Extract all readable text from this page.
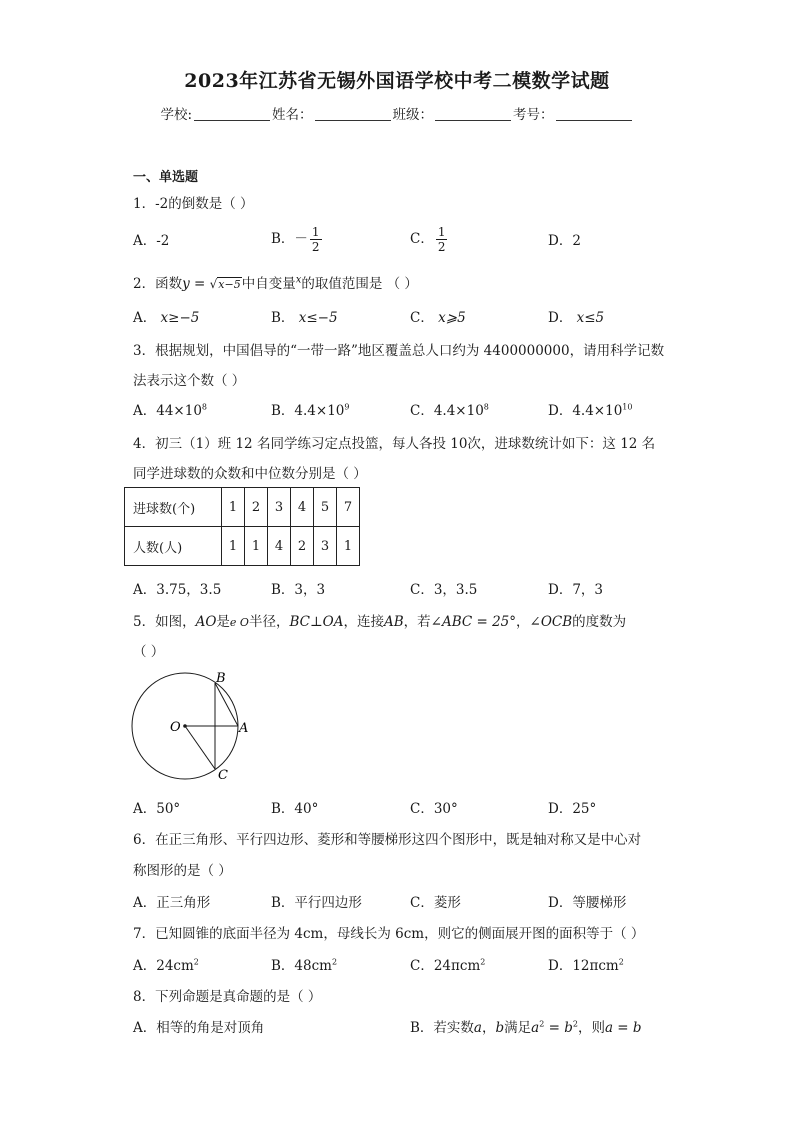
2023年江苏省无锡外国语学校中考二模数学试题
学校:	姓名：	班级：	考号：
一、单选题
1．-2的倒数是（ ）
A．-2	B．－ $\frac{1}{2}$	C． $\frac{1}{2}$	D．2
2．函数y = √x−5中自变量$^x$的取值范围是 （ ）
A． x≥−5	B． x≤−5	C． x⩾5	D． x≤5
3．根据规划，中国倡导的“一带一路”地区覆盖总人口约为 4400000000，请用科学记数
法表示这个数（ ）
A．$44\times 10^8$	B．$4.4\times 10^9$	C．$4.4\times 10^8$	D．$4.4\times 10^{10}$
4．初三（1）班 12 名同学练习定点投篮，每人各投 10次，进球数统计如下：这 12 名
同学进球数的众数和中位数分别是（ ）
进球数(个)	1	2	3	4	5	7
人数(人)	1	1	4	2	3	1
A．3.75，3.5	B．3，3	C．3，3.5	D．7，3
5．如图，AO是e O半径，BC⊥OA，连接AB，若∠ABC = 25°，∠OCB的度数为
（ ）
B
O	A
C
A．50°	B．40°	C．30°	D．25°
6．在正三角形、平行四边形、菱形和等腰梯形这四个图形中，既是轴对称又是中心对
称图形的是（ ）
A．正三角形	B．平行四边形	C．菱形	D．等腰梯形
7．已知圆锥的底面半径为 4cm，母线长为 6cm，则它的侧面展开图的面积等于（ ）
A．$24cm^2$	B．$48cm^2$	C．24πcm$^2$	D．12πcm$^2$
8．下列命题是真命题的是（ ）
A．相等的角是对顶角	B．若实数a，b满足$a^2 = b^2$，则a = b
